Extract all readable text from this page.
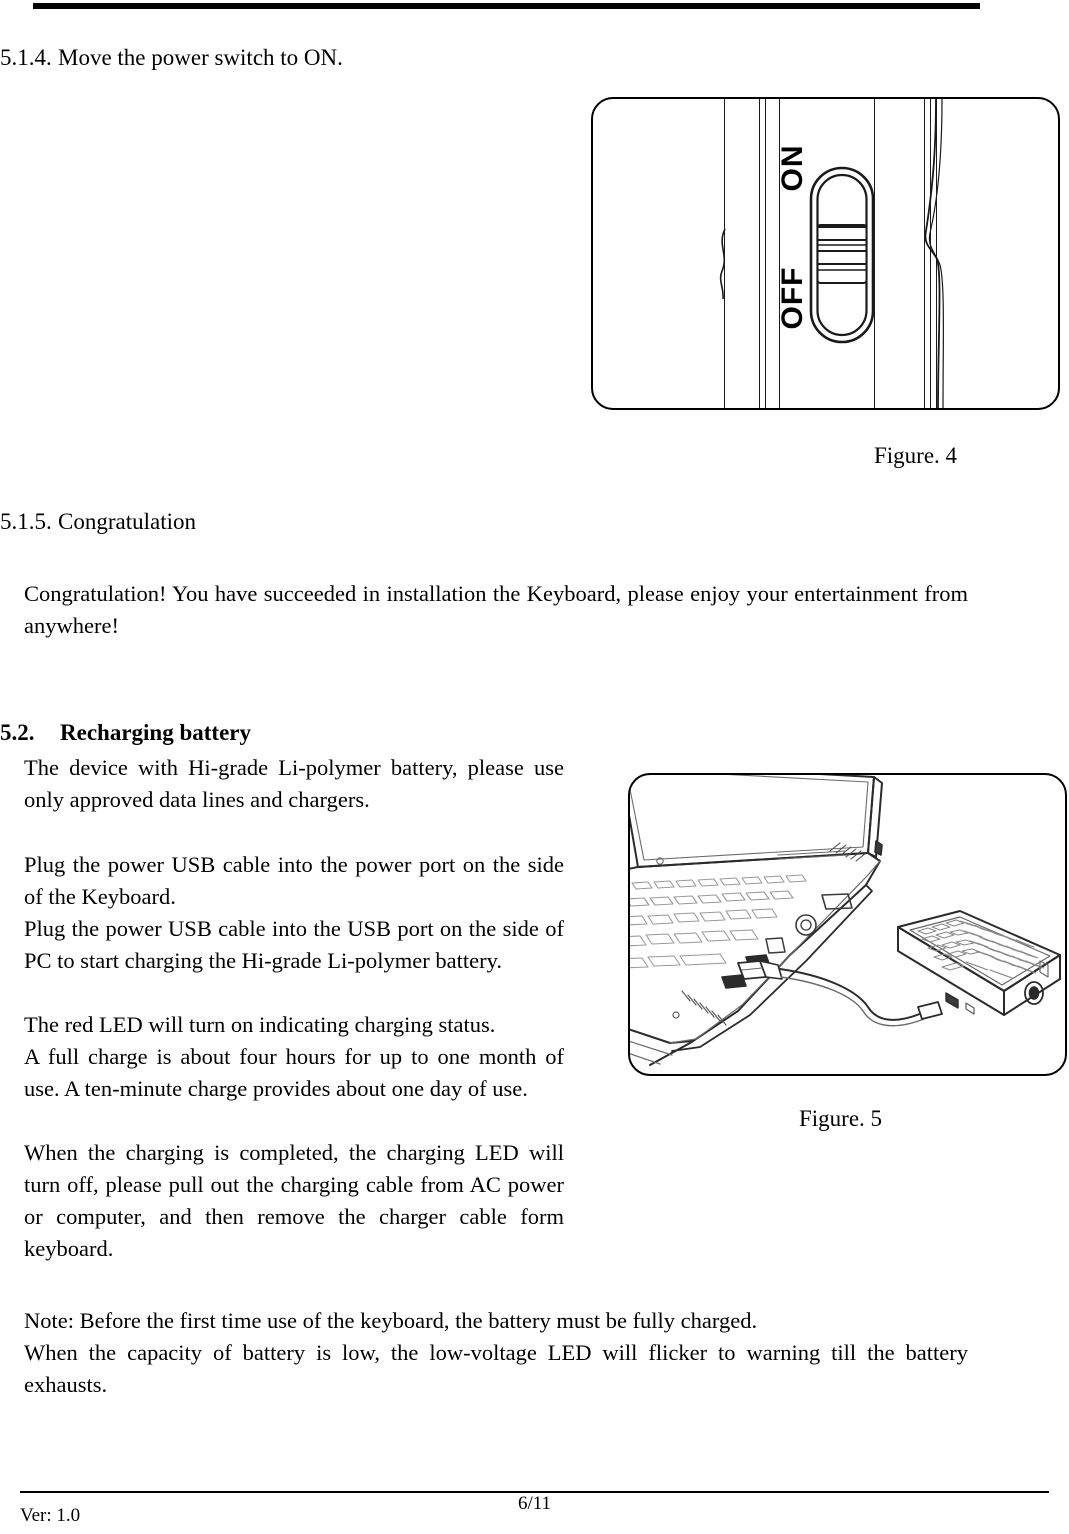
5.1.4. Move the power switch to ON.
ON
OFF
Figure. 4
5.1.5. Congratulation
Congratulation! You have succeeded in installation the Keyboard, please enjoy your entertainment from anywhere!
5.2. Recharging battery
Figure. 5
The device with Hi-grade Li-polymer battery, please use only approved data lines and chargers.
Plug the power USB cable into the power port on the side of the Keyboard.
Plug the power USB cable into the USB port on the side of PC to start charging the Hi-grade Li-polymer battery.
The red LED will turn on indicating charging status.
A full charge is about four hours for up to one month of use. A ten-minute charge provides about one day of use.
When the charging is completed, the charging LED will turn off, please pull out the charging cable from AC power or computer, and then remove the charger cable form keyboard.
Note: Before the first time use of the keyboard, the battery must be fully charged.
When the capacity of battery is low, the low-voltage LED will flicker to warning till the battery exhausts.
6/11
Ver: 1.0
